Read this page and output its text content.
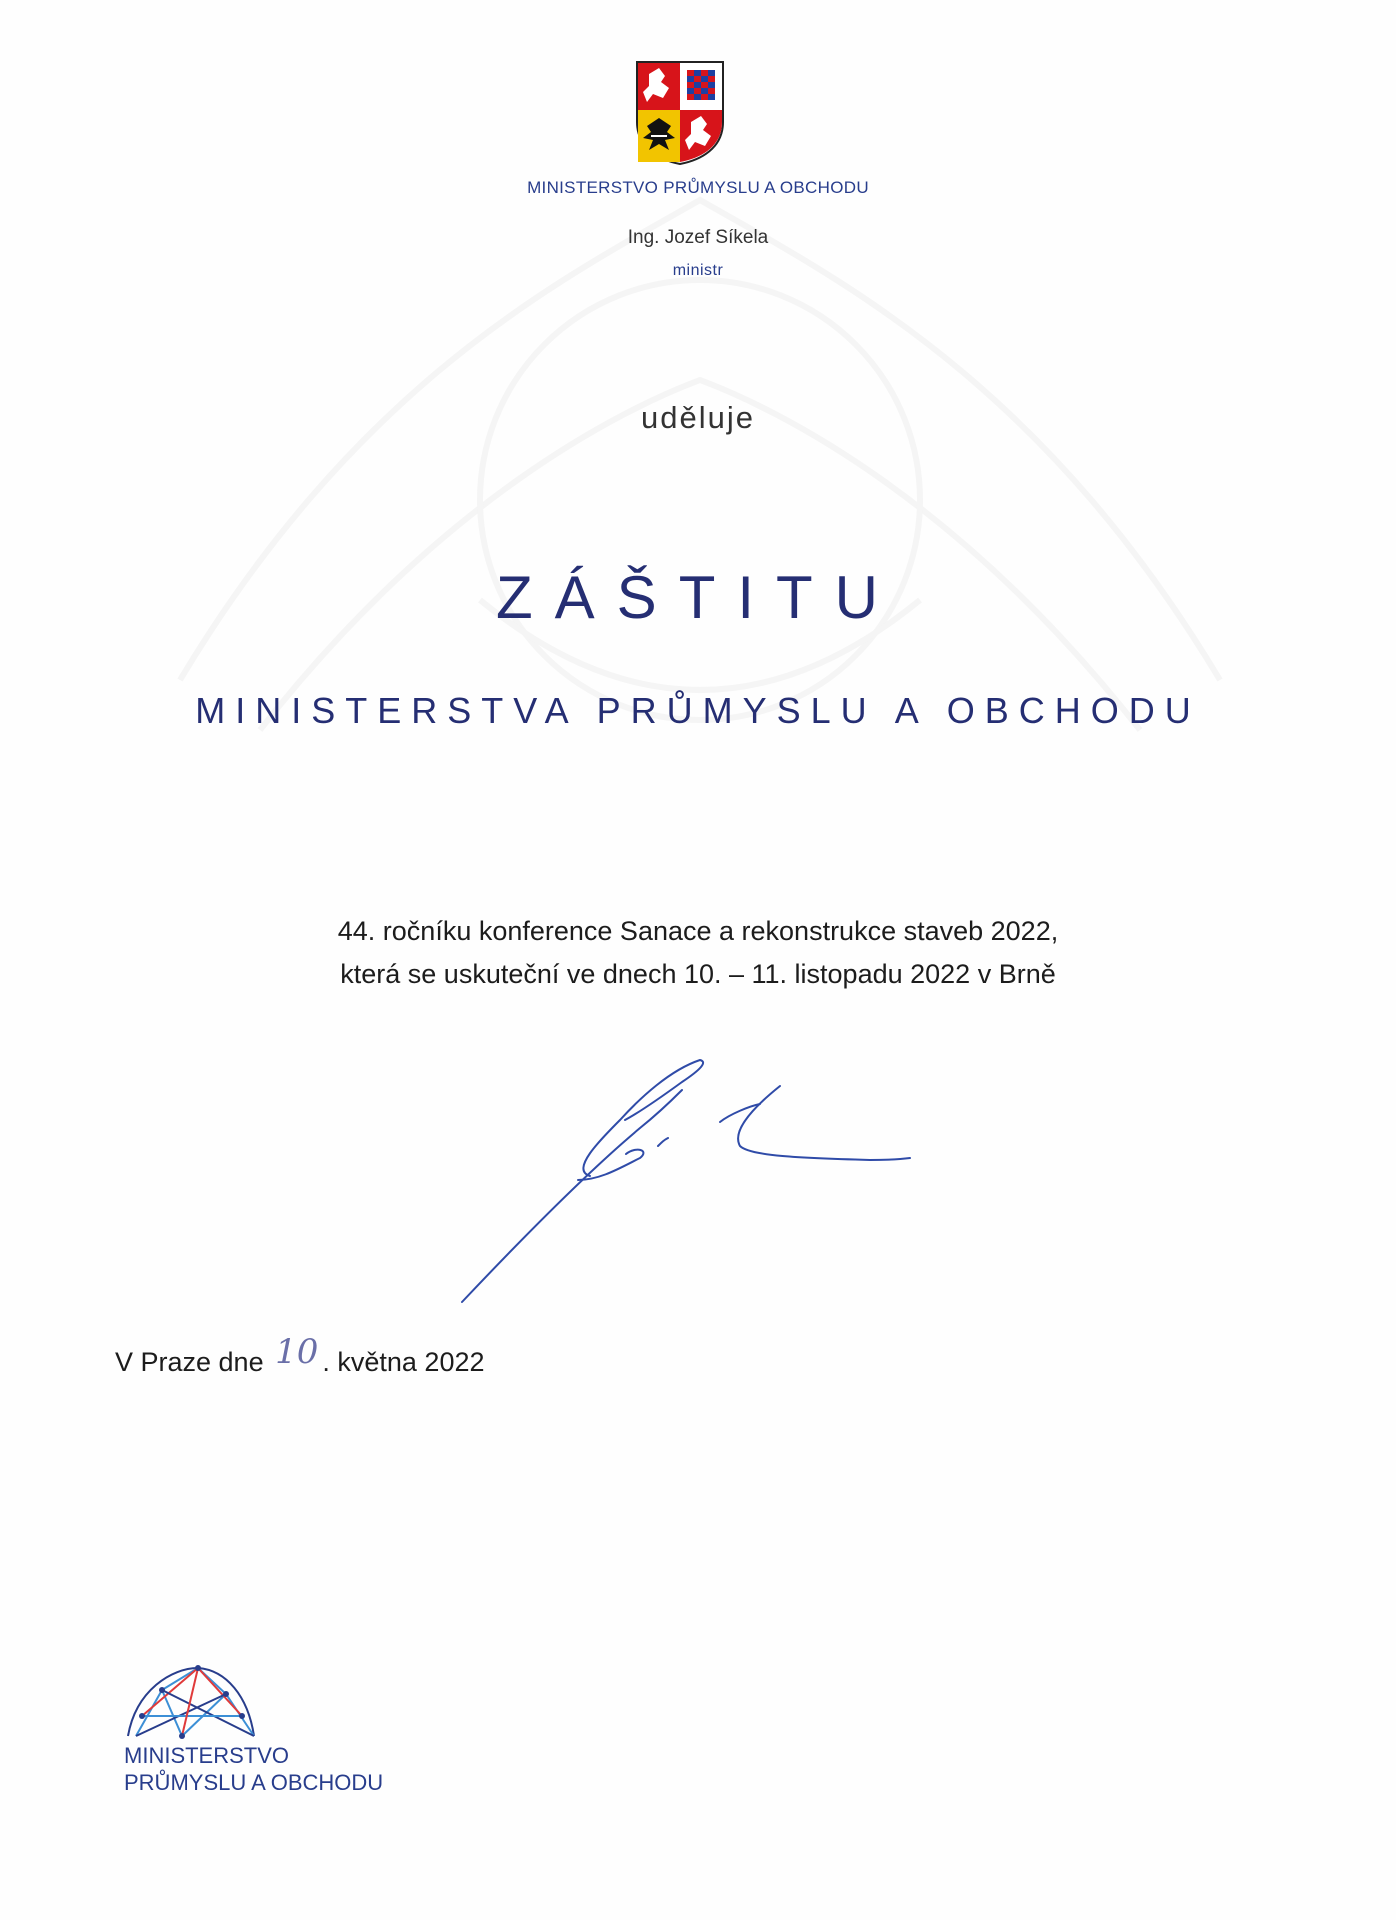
MINISTERSTVO PRŮMYSLU A OBCHODU
Ing. Jozef Síkela
ministr
uděluje
ZÁŠTITU
MINISTERSTVA PRŮMYSLU A OBCHODU
44. ročníku konference Sanace a rekonstrukce staveb 2022,
která se uskuteční ve dnech 10. – 11. listopadu 2022 v Brně
V Praze dne 10 . května 2022
MINISTERSTVO
PRŮMYSLU A OBCHODU
